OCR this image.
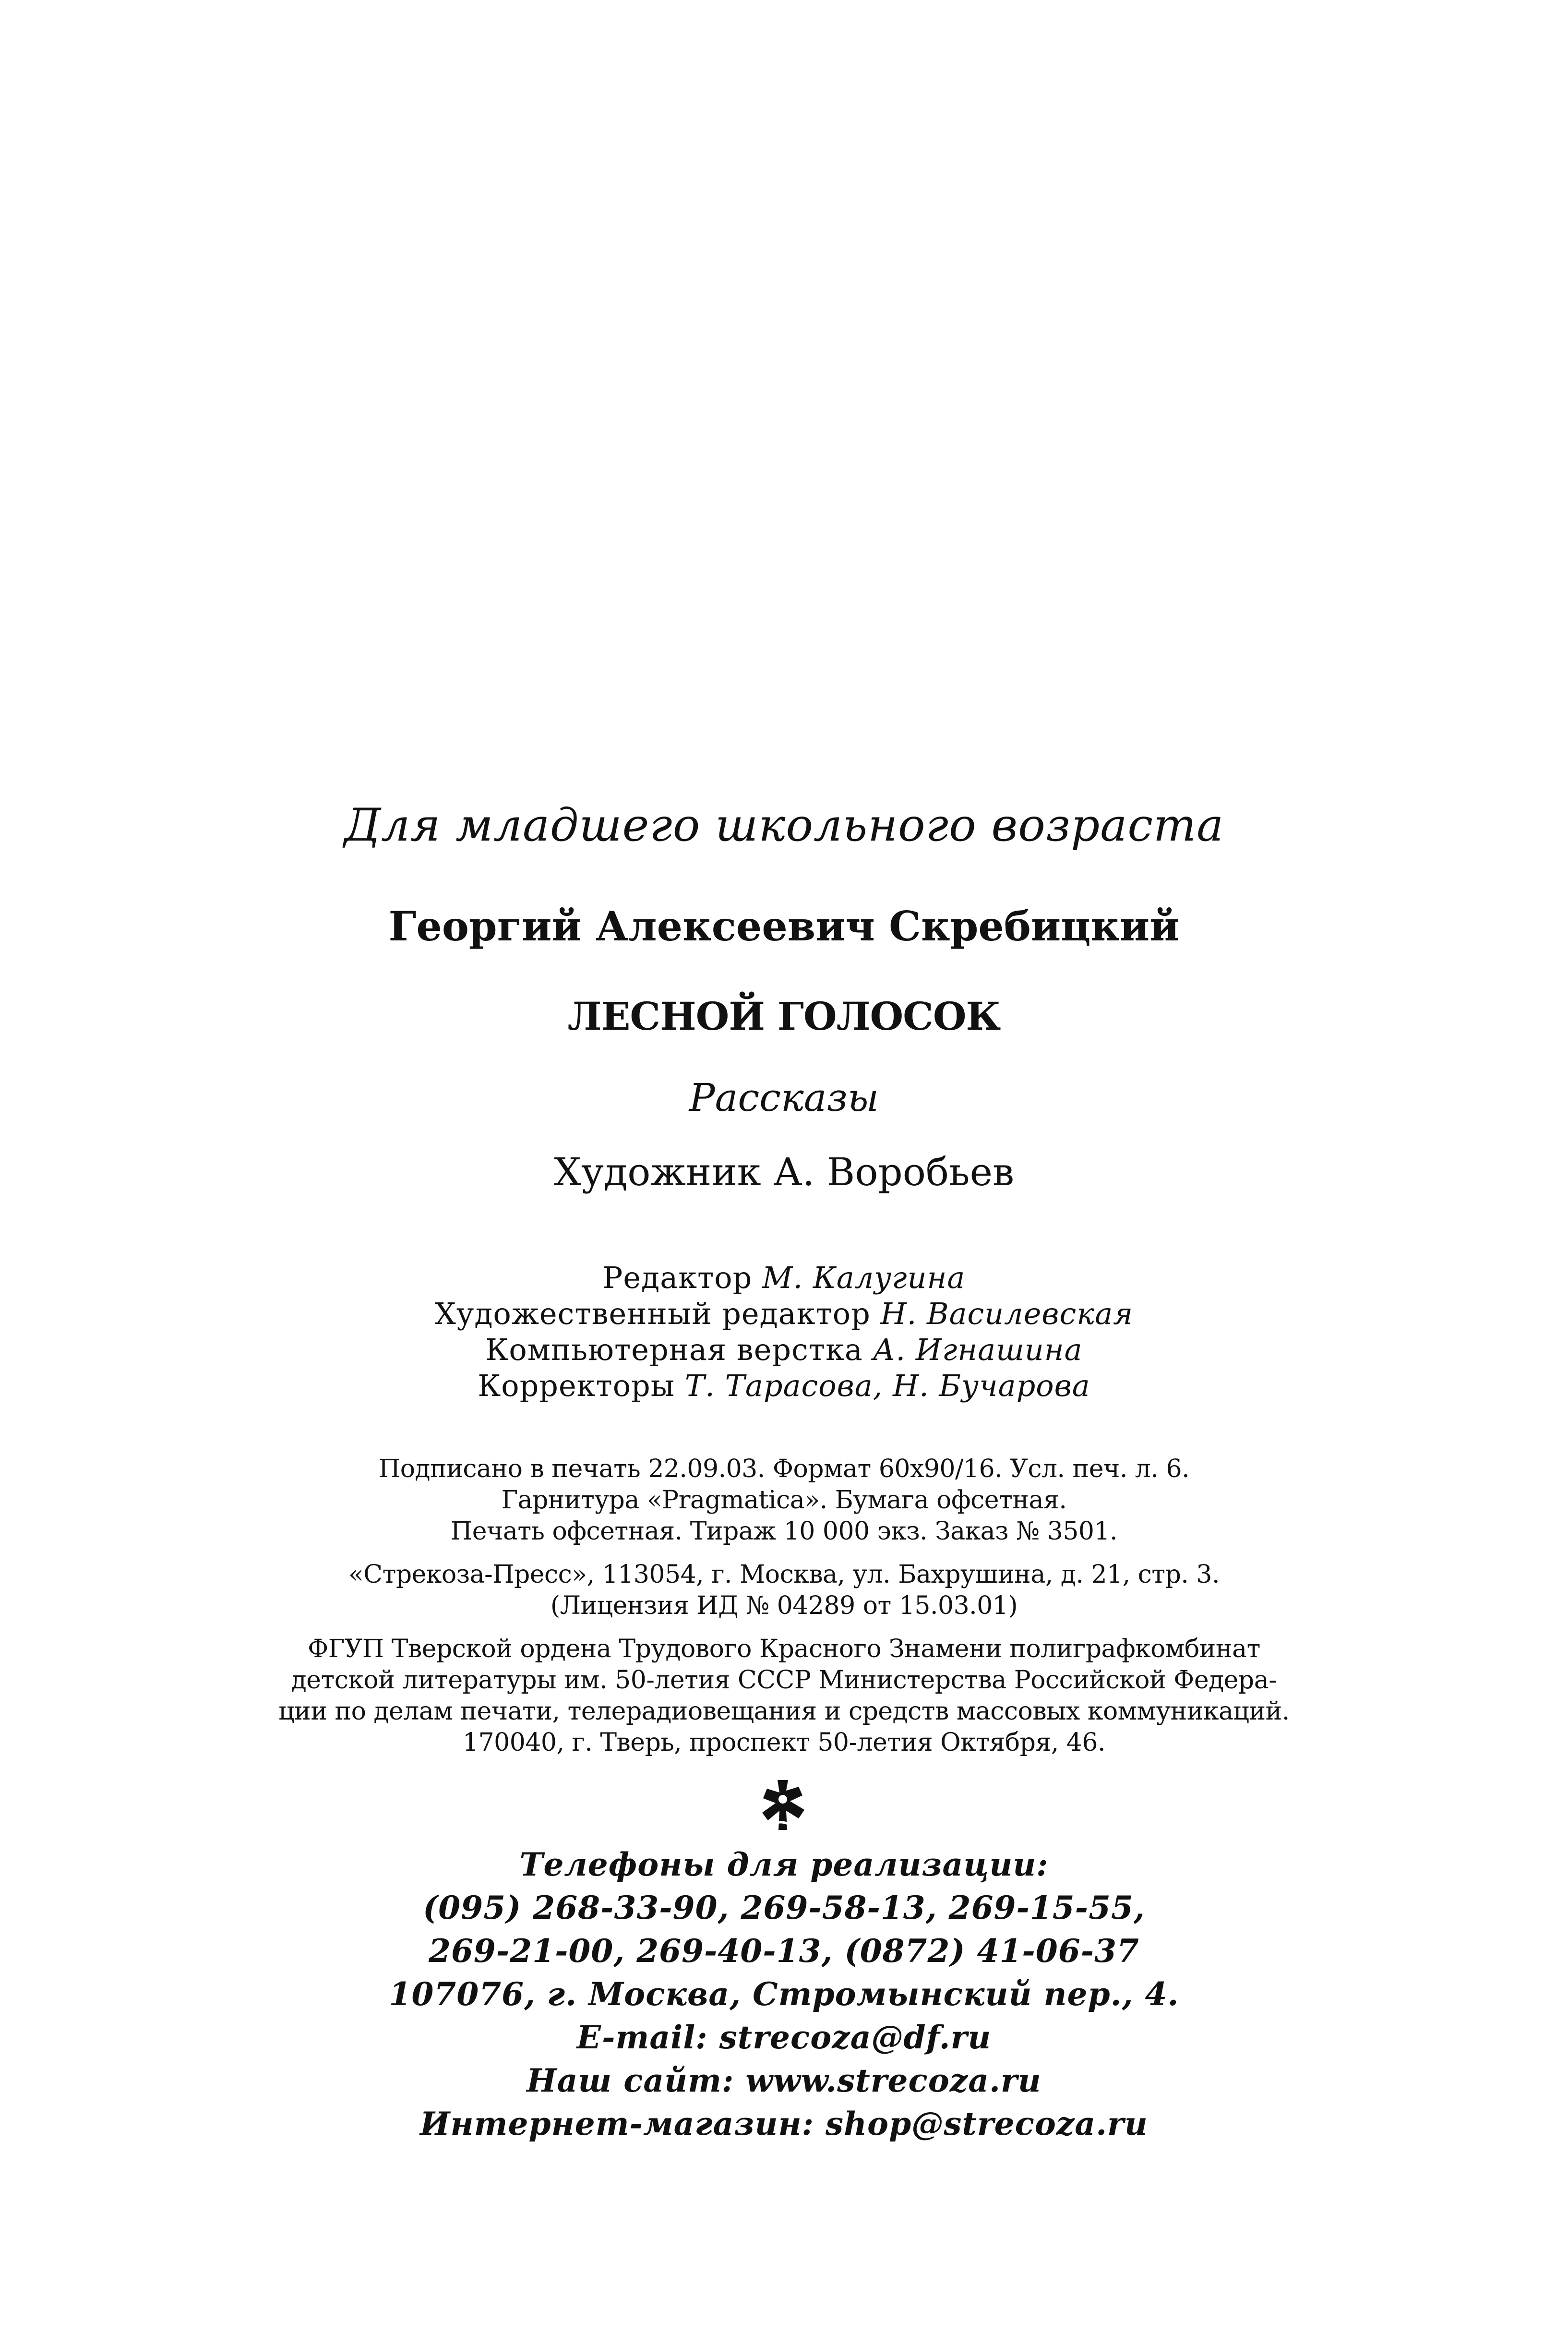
Для младшего школьного возраста
Георгий Алексеевич Скребицкий
ЛЕСНОЙ ГОЛОСОК
Рассказы
Художник А. Воробьев
Редактор М. Калугина
Художественный редактор Н. Василевская
Компьютерная верстка А. Игнашина
Корректоры Т. Тарасова, Н. Бучарова
Подписано в печать 22.09.03. Формат 60x90/16. Усл. печ. л. 6.
Гарнитура «Pragmatica». Бумага офсетная.
Печать офсетная. Тираж 10 000 экз. Заказ № 3501.
«Стрекоза-Пресс», 113054, г. Москва, ул. Бахрушина, д. 21, стр. 3.
(Лицензия ИД № 04289 от 15.03.01)
ФГУП Тверской ордена Трудового Красного Знамени полиграфкомбинат
детской литературы им. 50-летия СССР Министерства Российской Федера-
ции по делам печати, телерадиовещания и средств массовых коммуникаций.
170040, г. Тверь, проспект 50-летия Октября, 46.
Телефоны для реализации:
(095) 268-33-90, 269-58-13, 269-15-55,
269-21-00, 269-40-13, (0872) 41-06-37
107076, г. Москва, Стромынский пер., 4.
E-mail: strecoza@df.ru
Наш сайт: www.strecoza.ru
Интернет-магазин: shop@strecoza.ru
